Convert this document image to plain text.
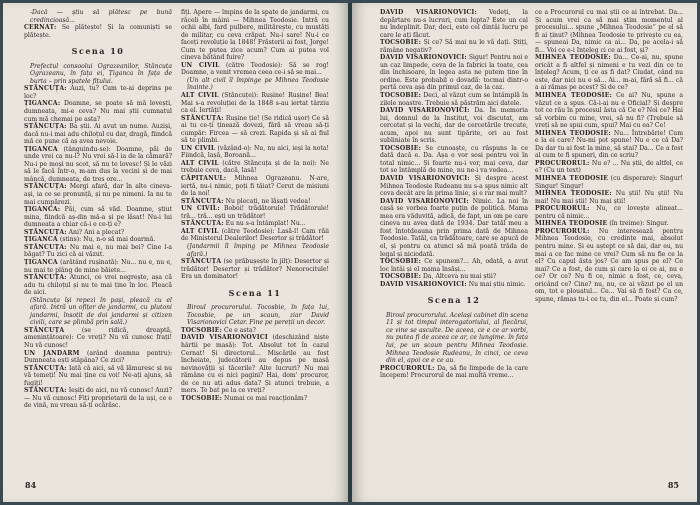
-Dacă — știu să plătesc pe bună credincioasă...

CERNAT: Se plătește! Și la comuniști se plătește.

Scena 10

Prefectul consoolui Ograzeanilor, Stăncuța Ograzeanu, în fața ei, Țiganca în fața de burta – prin spatele fițului.

STĂNCUȚA: Auzi, tu? Cum te-ai deprins pe loc?

ȚIGANCA: Doamne, se poate să mă lovești, dumneata, mi-e ceva? Nu mai știi cumnatul cum mă chemai pe asta?

STĂNCUȚA: Ba știi. Ai avut un nume. Auziși, dacă nu-i mai adu chiloțul cu dar, dragă, fiindcă mă ce pune că aș avea nevoie.

ȚIGANCA (tânguindu-se): Doamne, păi de unde vrei ca nu-l? Nu vrei să-l ia de la cămară? Nu-i pe moși nu scot, să nu te lovesc! Și le văzi să le facă într-o, m-am dus la vecini și de mai mâncă, dumneata, de tres ore...

STĂNCUȚA: Mergi afară, dar în alte cineva-ași, ia ce se pronunță, și nu pe nimeni. Ia nu te mai cumpărezi.

ȚIGANCA: Păi, cum să văd. Doamne, știut mina, fiindcă aș-din mă-a și pe lăsat! Nu-i lui dumneata a chiar că-i e ce-ți e?

STĂNCUȚA: Ani? Ani a plecat?

ȚIGANCA (stins): Nu, n-o să mai doarmă.

STĂNCUȚA: Nu mai e, nu mai bei? Cine l-a băgat? Tu zici că ai văzut.

ȚIGANCA (arătând rușinată): Nu... nu e, nu e, nu mai te plâng de mine băiete...

STĂNCUȚA: Atunci, ce vrei negrește, așa că adu tu chiloțul și nu te mai ține în loc. Pleacă de aici.

(Stăncuța își repezi în pași, pleacă cu el afară. Intră un ofițer de jandarmi, cu plutoni jandarmi, însoțit de doi jandarmi și citizen civili, care se plimbă prin sală.)

STĂNCUȚA	(se ridică, dreaptă, amenințătoare): Ce vreți? Nu vă cunosc frați! Nu vă cunosc!

UN JANDARM (arând doamna pentru): Dumneata ești stăpâna? Ce zici?

STĂNCUȚA: Iată că aici, să vă lămuresc și nu vă temeți! Nu mai ține cu voi! Ne-ați ajuns, să fugiți!

STĂNCUȚA: Ieșiți de aici, nu vă cunosc! Auzi? — Nu vă cunosc! Fiți proprietarii de la uși, ce e de vină, nu vreau să-ți ocărăsc.

fiți. Apere — împins de la spate de jandarmi, cu răceli în mâini — Mihnea Teodosie. Intră cu ochii albi, fard pulbere, militărește, cu mustăți de militar, cu ceva crăpat. Nu-i sare! Nu-i ce faceți revoluție la 1848! Frăsterii ai fost, Jorge! Cum te putea zice acum? Cum ai putea vol cineva bătând fuire?

UN CIVIL (către Teodosie): Să se rog! Doamne, a venit vremea ceea ce-i să se mai...

(Un alt civil îl împinge pe Mihnea Teodosie înainte.)

ALT CIVIL (Stăncuței): Rușine! Rușine! Bea! Mai s-a revoluției de la 1848 s-au iertat târziu ca el. Iertăți!

STĂNCUȚA: Rușine ție! (Se ridică ușor) Ce să ai tu ce-ți ținează dovezi, fără să vreau să-ți cumpăr: Fircea — să crezi. Rapida și să ai fiul să te plimbi.

UN CIVIL (văzând-o): Nu, nu aici, ieși la nota! Fiindcă, lașă, Boroană...

ALT CIVIL (către Stăncuța și de la noi): Ne trebuie ceva, dacă, lasă!

CĂPITANUL: Mihnea Ograzeanu. N-are, iertă, nu-i nimic, poți fi tăiat? Cerut de misiuni de la noi!

STĂNCUȚA: Nu plecați, ne lăsați vedea!

UN CIVIL: Boboi! trădătorule! Trădătorule! tră... tră... ești un trădător!

STĂNCUȚA: Eu nu s-a întâmplat! Nu...

ALT CIVIL (către Teodosie): Lasă-l! Cam răii de Ministerul Dealerilor! Desertor și trădător!

(Jandarmii îl împing pe Mihnea Teodosie afară.)

STĂNCUȚA (se prăbușește în jilț): Desertor și trădător! Desertor și trădător? Nenorocitule! Era un dominator!

Scena 11

Biroul procurorului. Tocosbie, în fața lui, Tocosbie, pe un scaun, ziar David Visarionovici Cetar. Fine pe pereții un decor.

TOCSOBIE: Ce e asta?

DAVID VISARIONOVICI (deschizând niște hârtii pe masă): Tot. Absolut tot în cazul Cernat! Și directorul... Mișcările au fost încheiate, judecătorii au depus pe masă nevinovății și tăcerile? Alte lucruri? Nu mai rămâne cu ei nici pagini? Hai, dom' procuror, de ce nu ați adus data? Și atunci trebuie, a mers. Te bat pe la ce vreți?

TOCSOBIE: Numai ce mai reacționăm?

84

DAVID VISARIONOVICI: Vedeți, la depărtare nu-s lucruri, cum lupta? Este un cal nu îndeplinit. Dar, deci, este cel dintâi lucru pe care le ați făcut.

TOCSOBIE: Și ce? Să mai nu le vă dați. Știți, rămâne negativ?

DAVID VISARIONOVICI: Sigur! Pentru noi e un caz limpede, ceva de la fabrici la toate, cea din închisoare, în legea asta ne putem ține în ordine. Este probabil o dovadă: tocmai dintr-o pertă ceva așa din primul caz, de la caz.

TOCSOBIE: Deci, al văzut cum se întâmplă în zilele noastre. Trebuie să păstrăm aici datele.

DAVID VISARIONOVICI: Da. În memoria lui, domnul de la Institut, voi discutat, am cercetat și la vechi, dar de cercetările trecute, acum, apoi nu sunt tipărite, ori au fost subliniate în scris.

TOCSOBIE: Se cunoaște, cu răspuns la ce dată dacă e. Da. Așa e vor sosi pentru voi în total nimic... Și foarte nu-i vor, mai ceva, dar tot se întâmplă de mine, nu ne-i va vedea...

DAVID VISARIONOVICI: Și despre acest Mihnea Teodosie Rudeanu nu s-a spus nimic alt ceva decât are în prima linie, și e rar mai mult?

DAVID VISARIONOVICI: Nimic. La noi în casă se vorbea foarte puțin de politică. Mama mea era văduvită, adică, de fapt, un om pe care cineva nu avea dată de 1934. Dar tatăl meu a fost întotdeauna prin prima dată de Mihnea Teodosie. Tatăl, ca trădătoare, care se apucă de el, și pentru ca atunci să mă poată trăda de legal și niciodată.

TOCSOBIE: Ce spunem?... Ah, odată, a avut loc întâi și el mama însăși...

TOCSOBIE: Da, Altceva nu mai știi?

DAVID VISARIONOVICI: Nu mai știu nimic.

Scena 12

Biroul procurorului. Același cabinet din scena 11 și tot timpul interogatoriului, al fiecărui, ce vine se asculte. De aceea, ce e ce ar vorbi, nu putea fi de aceea ce ar, ce lungime. în fața lui, pe un scaun pentru Mihnea Teodosie. Mihnea Teodosie Rudeanu, în cinci, ce ceva din el, apoi ce e ce au.

PROCURORUL: Da, să fie limpede de la care începem! Procurorul de mai multă vreme...

ce a Procurorul cu mai știi ce ai întrebat. Da... Și acum vrei ca să mai știm momentul al procesului... spune „Mihnea Teodosie“ pe el să fi ai ținut? (Mihnea Teodosie te privește cu ea, — spuneai Da, nimic ca ai... Da, pe acela-i să fi... Voi ce e-i Ințeleg ci ce ai fost, și?

MIHNEA TEODOSIE: Da... Ce-ai, nu, spune oricât a fi altfel și nimeni e tu vezi din ce te înțeleg? Acum, ți ce aș fi dat? Ciudat, când nu este, dar nici nu e să... Ai... m-ai, fără să fi... că a ai rămas pe acest? Și de ce?

MIHNEA TEODOSIE: Ce ai? Nu, spune a văzut ce a spus. Că-i-ai nu e Oficial? Și despre tot ce rău în procesul ăsta că Ce e? Noi ce? Hai să vorbim cu mine, vrei, să nu fi? (Trebuie să vreți să ne spui cum, spui? Mai cu ea? Ce!

MIHNEA TEODOSIE: Nu... Întrebărie! Cum e la ei care? Nu-mi pot spune! Nu e ce că Da? Da dar tu ai fost la mine, să stai? Da... Ce a fost al cum te fi spuneri, din ce scriu?

PROCURORUL: Nu e? ... Nu știi, de altfel, ce e? (Cu un text)

MIHNEA TEODOSIE (cu disperare): Singur! Singur! Singur!

MIHNEA TEODOSIE: Nu știi! Nu știi! Nu mai! Nu mai știi! Nu mai știi!

PROCURORUL: Nu, ce lovește alineat... pentru că nimic...

MIHNEA TEODOSIE (în treime): Singur.

PROCURORUL: Nu interesează pentru Mihnea Teodosie, cu credințe mai, absolut pentru mine. Și eu aștept ce să dai, dar eu, nu mai a ce fac mine ce vrei? Cum să nu fie ce la el? Cu capul ăsta jos? Ce am spus pe el? Ce mai? Ce a fost, de cum și care la ei ce ai, nu e ce? Or ce? Nu fi ce, nimic a fost, ce, ceva, oricând ce? Cine? nu, nu, ce ai văzut pe el un om, tot e plouatul... Ce... Vai să fi fost? Ca ce, spune, rămas tu-i ce tu, din el... Poate și cum?

85
